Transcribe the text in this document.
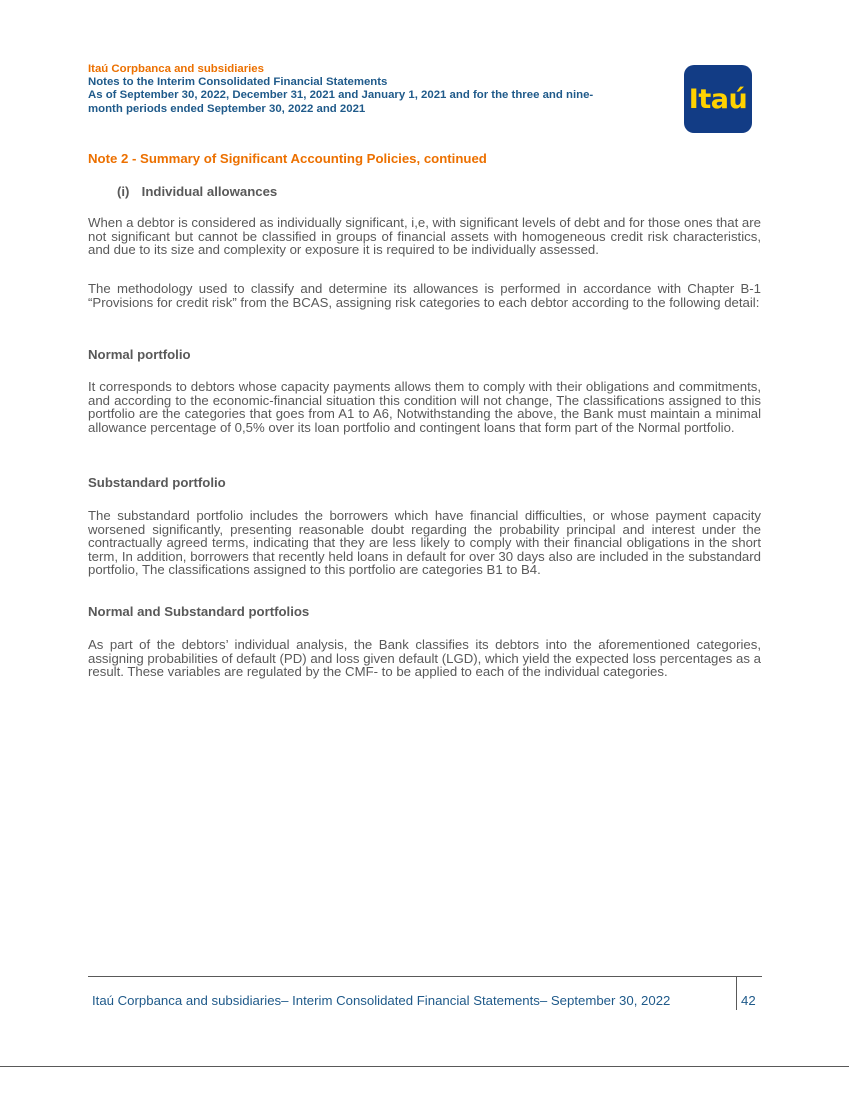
Itaú Corpbanca and subsidiaries
Notes to the Interim Consolidated Financial Statements
As of September 30, 2022, December 31, 2021 and January 1, 2021 and for the three and nine-
month periods ended September 30, 2022 and 2021	Itaú
Note 2 - Summary of Significant Accounting Policies, continued
(i) Individual allowances

When a debtor is considered as individually significant, i,e, with significant levels of debt and for those ones that are not significant but cannot be classified in groups of financial assets with homogeneous credit risk characteristics, and due to its size and complexity or exposure it is required to be individually assessed.

The methodology used to classify and determine its allowances is performed in accordance with Chapter B-1 “Provisions for credit risk” from the BCAS, assigning risk categories to each debtor according to the following detail:

Normal portfolio

It corresponds to debtors whose capacity payments allows them to comply with their obligations and commitments, and according to the economic-financial situation this condition will not change, The classifications assigned to this portfolio are the categories that goes from A1 to A6, Notwithstanding the above, the Bank must maintain a minimal allowance percentage of 0,5% over its loan portfolio and contingent loans that form part of the Normal portfolio.

Substandard portfolio

The substandard portfolio includes the borrowers which have financial difficulties, or whose payment capacity worsened significantly, presenting reasonable doubt regarding the probability principal and interest under the contractually agreed terms, indicating that they are less likely to comply with their financial obligations in the short term, In addition, borrowers that recently held loans in default for over 30 days also are included in the substandard portfolio, The classifications assigned to this portfolio are categories B1 to B4.

Normal and Substandard portfolios

As part of the debtors’ individual analysis, the Bank classifies its debtors into the aforementioned categories, assigning probabilities of default (PD) and loss given default (LGD), which yield the expected loss percentages as a result. These variables are regulated by the CMF- to be applied to each of the individual categories.

Itaú Corpbanca and subsidiaries– Interim Consolidated Financial Statements– September 30, 2022	42
